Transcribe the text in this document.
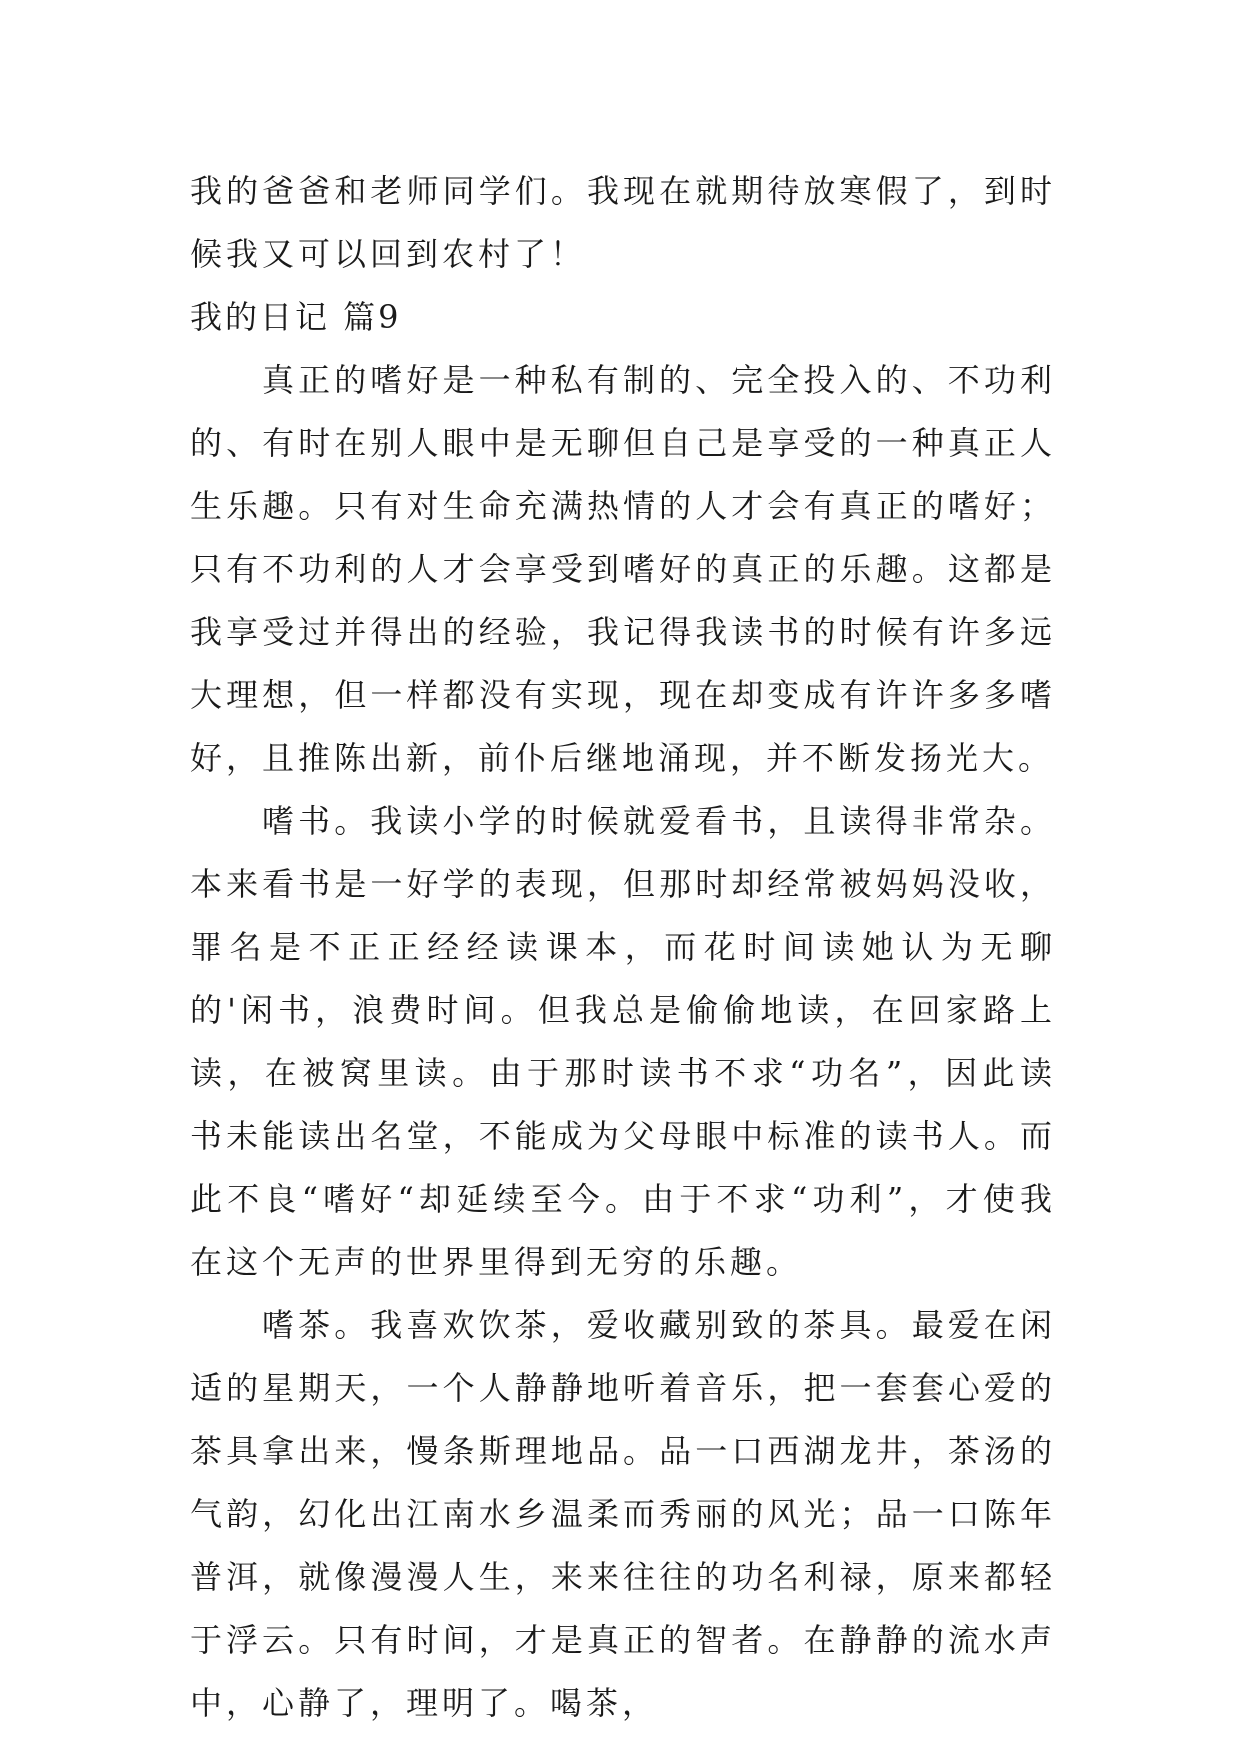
我的爸爸和老师同学们。我现在就期待放寒假了，到时候我又可以回到农村了！

我的日记 篇9

真正的嗜好是一种私有制的、完全投入的、不功利的、有时在别人眼中是无聊但自己是享受的一种真正人生乐趣。只有对生命充满热情的人才会有真正的嗜好；只有不功利的人才会享受到嗜好的真正的乐趣。这都是我享受过并得出的经验，我记得我读书的时候有许多远大理想，但一样都没有实现，现在却变成有许许多多嗜好，且推陈出新，前仆后继地涌现，并不断发扬光大。

嗜书。我读小学的时候就爱看书，且读得非常杂。本来看书是一好学的表现，但那时却经常被妈妈没收，罪名是不正正经经读课本，而花时间读她认为无聊的'闲书，浪费时间。但我总是偷偷地读，在回家路上读，在被窝里读。由于那时读书不求“功名”，因此读书未能读出名堂，不能成为父母眼中标准的读书人。而此不良“嗜好“却延续至今。由于不求“功利”，才使我在这个无声的世界里得到无穷的乐趣。

嗜茶。我喜欢饮茶，爱收藏别致的茶具。最爱在闲适的星期天，一个人静静地听着音乐，把一套套心爱的茶具拿出来，慢条斯理地品。品一口西湖龙井，茶汤的气韵，幻化出江南水乡温柔而秀丽的风光；品一口陈年普洱，就像漫漫人生，来来往往的功名利禄，原来都轻于浮云。只有时间，才是真正的智者。在静静的流水声中，心静了，理明了。喝茶，
